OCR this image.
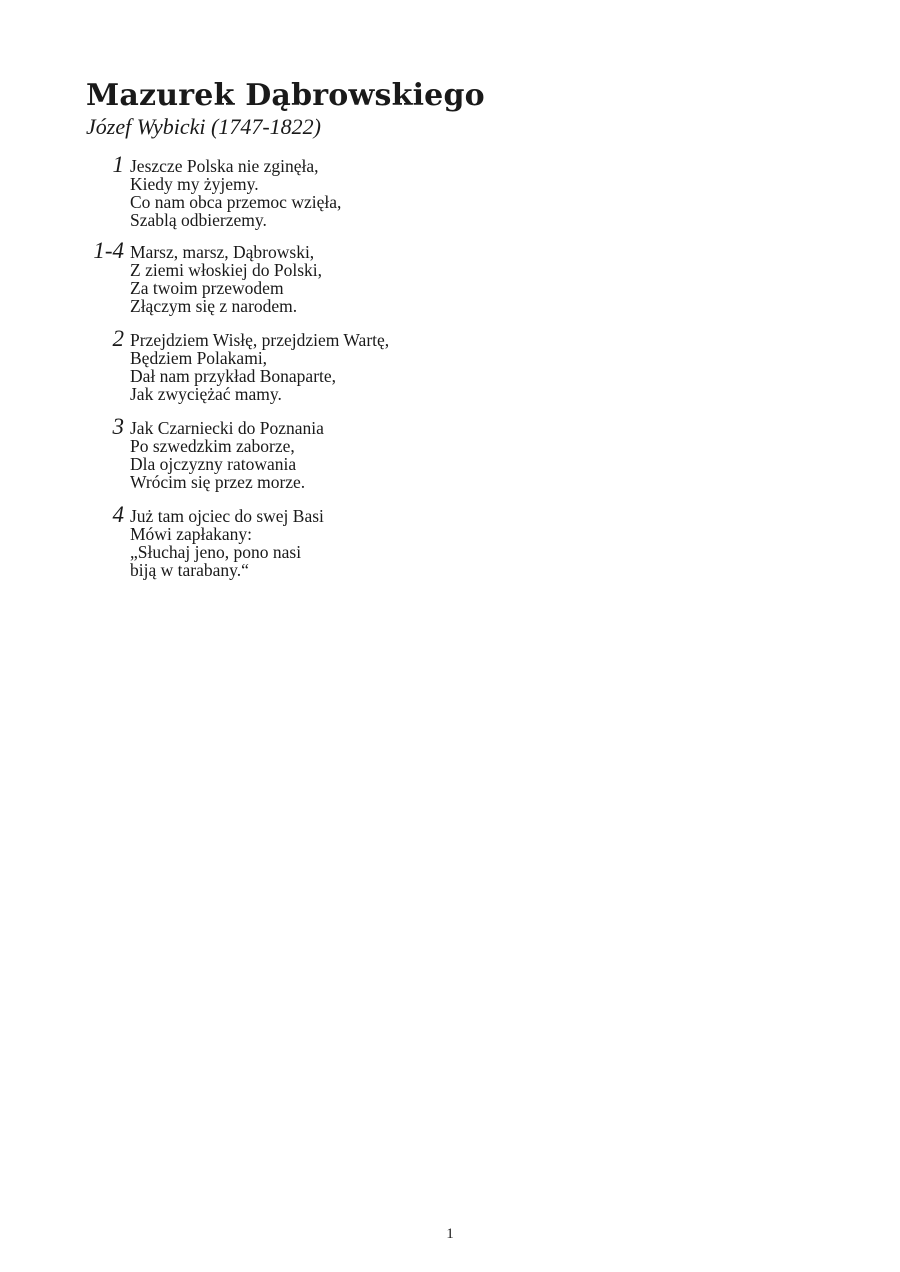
Mazurek Dąbrowskiego
Józef Wybicki (1747-1822)
1 Jeszcze Polska nie zginęła,
Kiedy my żyjemy.
Co nam obca przemoc wzięła,
Szablą odbierzemy.
1-4 Marsz, marsz, Dąbrowski,
Z ziemi włoskiej do Polski,
Za twoim przewodem
Złączym się z narodem.
2 Przejdziem Wisłę, przejdziem Wartę,
Będziem Polakami,
Dał nam przykład Bonaparte,
Jak zwyciężać mamy.
3 Jak Czarniecki do Poznania
Po szwedzkim zaborze,
Dla ojczyzny ratowania
Wrócim się przez morze.
4 Już tam ojciec do swej Basi
Mówi zapłakany:
„Słuchaj jeno, pono nasi
biją w tarabany.“
1
